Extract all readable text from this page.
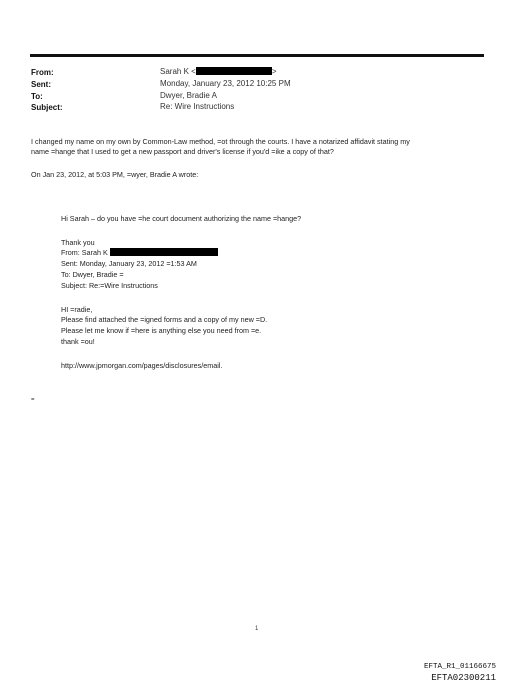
From:	Sarah K <	>
Sent:	Monday, January 23, 2012 10:25 PM
To:	Dwyer, Bradie A
Subject:	Re: Wire Instructions
I changed my name on my own by Common-Law method, =ot through the courts. I have a notarized affidavit stating my
name =hange that I used to get a new passport and driver's license if you'd =ike a copy of that?
On Jan 23, 2012, at 5:03 PM, =wyer, Bradie A wrote:
Hi Sarah – do you have =he court document authorizing the name =hange?
Thank you
From: Sarah K
Sent: Monday, January 23, 2012 =1:53 AM
To: Dwyer, Bradie =
Subject: Re:=Wire Instructions
HI =radie,
Please find attached the =igned forms and a copy of my new =D.
Please let me know if =here is anything else you need from =e.
thank =ou!
http://www.jpmorgan.com/pages/disclosures/email.
=
1
EFTA_R1_01166675
EFTA02300211
